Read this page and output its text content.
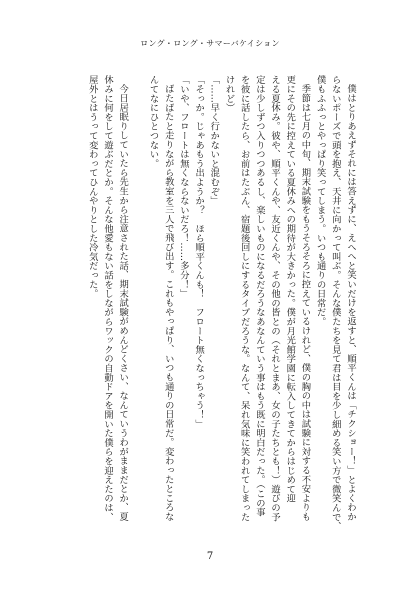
ロング・ロング・サマーバケイション
僕はとりあえずそれには答えずに、えへへと笑いだけを返すと、順平くんは「チクショー！」とよくわか
らないポーズで頭を抱え、天井に向かって叫ぶ。そんな僕たちを見て君は目を少し細める笑い方で微笑んで、
僕もふふっとやっぱり笑ってしまう。いつも通りの日常だ。
季節は七月の中旬、期末試験をもうそろそろに控えているけれど、僕の胸の中は試験に対する不安よりも
更にその先に控えている夏休みへの期待が大きかった。僕が月光館学園に転入してきてからはじめて迎
える夏休み。彼や、順平くんや、友近くんや、その他の皆との（それとまあ、女の子たちとも！）遊びの予
定は少しずつ入りつつあるし、楽しいものになるだろうなあなんていう事はもう既に明白だった。（この事
を彼に話したら、お前はたぶん、宿題後回しにするタイプだろうな。なんて、呆れ気味に笑われてしまった
けれど）
「……早く行かないと混むぞ」
「そっか。じゃあもう出ようか？　ほら順平くんも！　フロート無くなっちゃう！」
「いや、フロートは無くならないだろ！……多分！」
ばたばたと走りながら教室を三人で飛び出す。これもやっぱり、いつも通りの日常だ。変わったところな
んてなにひとつない。
今日居眠りしていたら先生から注意された話、期末試験がめんどくさい、なんていうわがままだとか、夏
休みに何をして遊ぶだとか。そんな他愛もない話をしながらワックの自動ドアを開いた僕らを迎えたのは、
屋外とはうって変わってひんやりとした冷気だった。
7
